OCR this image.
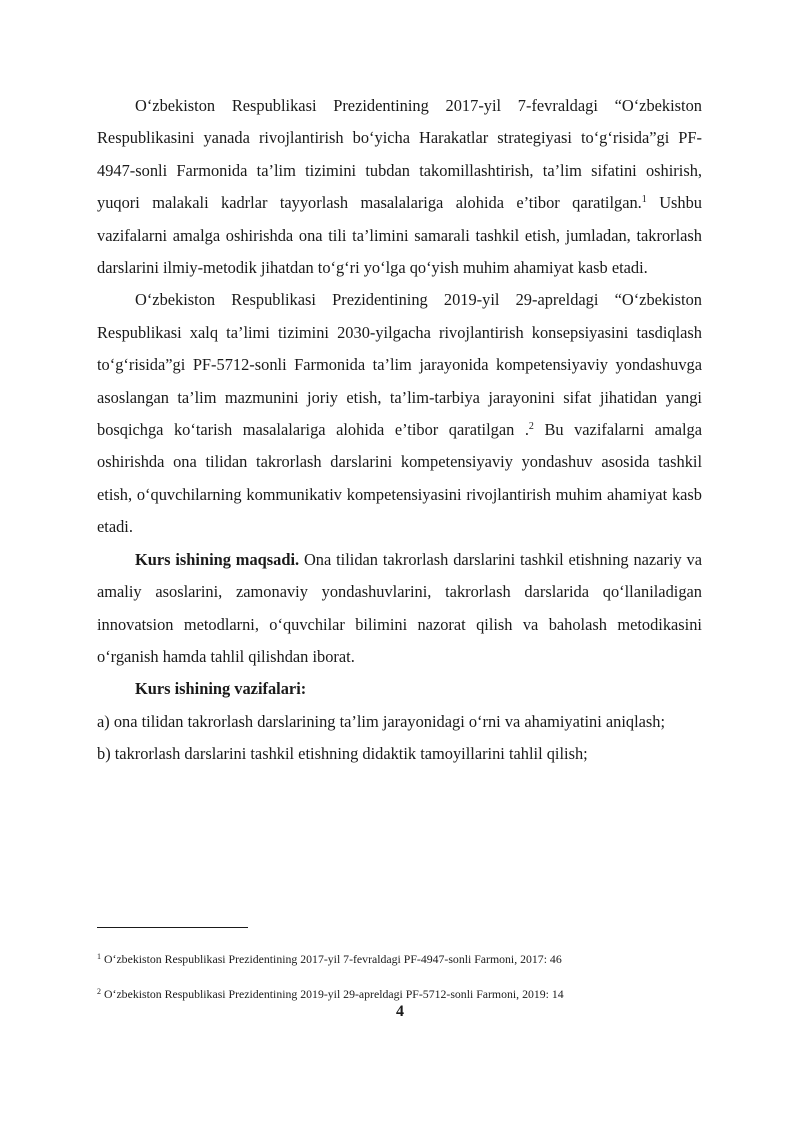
O‘zbekiston Respublikasi Prezidentining 2017-yil 7-fevraldagi “O‘zbekiston Respublikasini yanada rivojlantirish bo‘yicha Harakatlar strategiyasi to‘g‘risida”gi PF-4947-sonli Farmonida ta’lim tizimini tubdan takomillashtirish, ta’lim sifatini oshirish, yuqori malakali kadrlar tayyorlash masalalariga alohida e’tibor qaratilgan.$^1$ Ushbu vazifalarni amalga oshirishda ona tili ta’limini samarali tashkil etish, jumladan, takrorlash darslarini ilmiy-metodik jihatdan to‘g‘ri yo‘lga qo‘yish muhim ahamiyat kasb etadi.

O‘zbekiston Respublikasi Prezidentining 2019-yil 29-apreldagi “O‘zbekiston Respublikasi xalq ta’limi tizimini 2030-yilgacha rivojlantirish konsepsiyasini tasdiqlash to‘g‘risida”gi PF-5712-sonli Farmonida ta’lim jarayonida kompetensiyaviy yondashuvga asoslangan ta’lim mazmunini joriy etish, ta’lim-tarbiya jarayonini sifat jihatidan yangi bosqichga ko‘tarish masalalariga alohida e’tibor qaratilgan .$^2$ Bu vazifalarni amalga oshirishda ona tilidan takrorlash darslarini kompetensiyaviy yondashuv asosida tashkil etish, o‘quvchilarning kommunikativ kompetensiyasini rivojlantirish muhim ahamiyat kasb etadi.

Kurs ishining maqsadi. Ona tilidan takrorlash darslarini tashkil etishning nazariy va amaliy asoslarini, zamonaviy yondashuvlarini, takrorlash darslarida qo‘llaniladigan innovatsion metodlarni, o‘quvchilar bilimini nazorat qilish va baholash metodikasini o‘rganish hamda tahlil qilishdan iborat.

Kurs ishining vazifalari:

a) ona tilidan takrorlash darslarining ta’lim jarayonidagi o‘rni va ahamiyatini aniqlash;

b) takrorlash darslarini tashkil etishning didaktik tamoyillarini tahlil qilish;

$^1$ O‘zbekiston Respublikasi Prezidentining 2017-yil 7-fevraldagi PF-4947-sonli Farmoni, 2017: 46

$^2$ O‘zbekiston Respublikasi Prezidentining 2019-yil 29-apreldagi PF-5712-sonli Farmoni, 2019: 14

4
